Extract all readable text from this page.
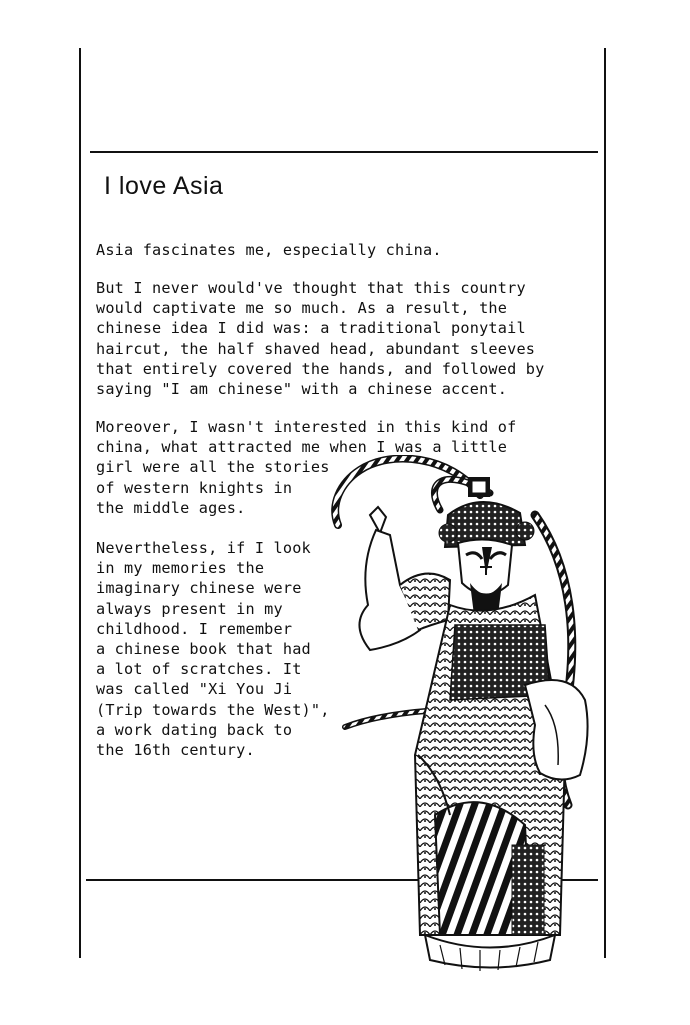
I love Asia

Asia fascinates me, especially china.

But I never would've thought that this country
would captivate me so much. As a result, the
chinese idea I did was: a traditional ponytail
haircut, the half shaved head, abundant sleeves
that entirely covered the hands, and followed by
saying "I am chinese" with a chinese accent.

Moreover, I wasn't interested in this kind of
china, what attracted me when I was a little
girl were all the stories
of western knights in
the middle ages.

Nevertheless, if I look
in my memories the
imaginary chinese were
always present in my
childhood. I remember
a chinese book that had
a lot of scratches. It
was called "Xi You Ji
(Trip towards the West)",
a work dating back to
the 16th century.
